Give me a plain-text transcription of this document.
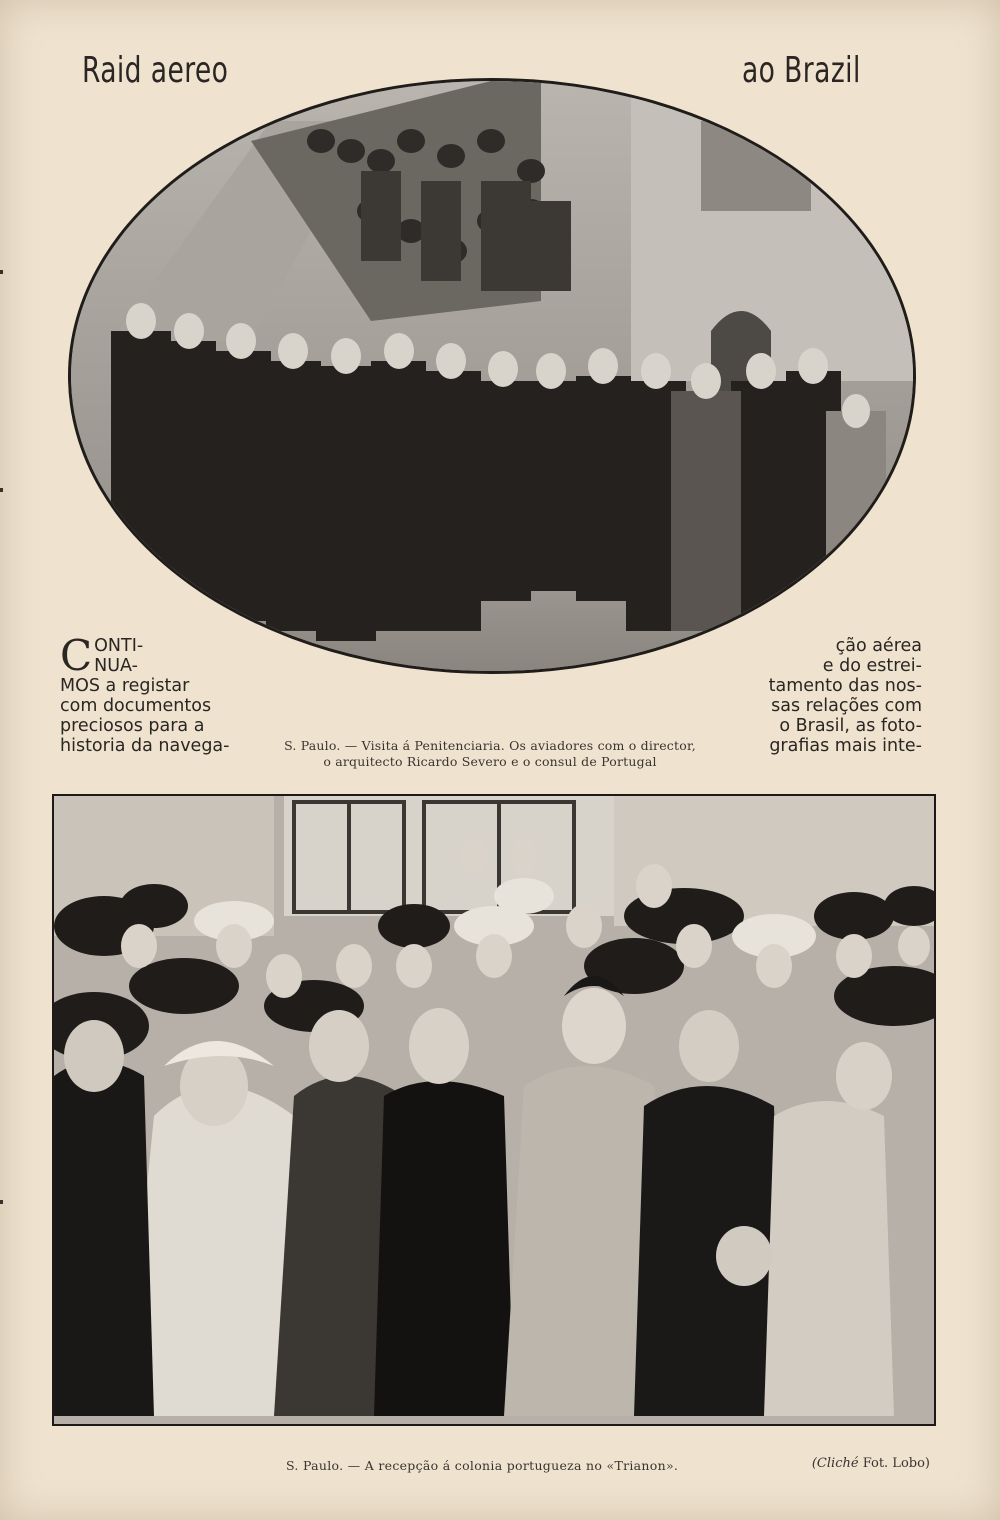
Raid aereo	ao Brazil
C ONTI-
NUA-
MOS a registar
com documentos
preciosos para a
historia da navega-
ção aérea
e do estrei-
tamento das nos-
sas relações com
o Brasil, as foto-
grafias mais inte-
S. Paulo. — Visita á Penitenciaria. Os aviadores com o director,
o arquitecto Ricardo Severo e o consul de Portugal
S. Paulo. — A recepção á colonia portugueza no «Trianon».	(Cliché Fot. Lobo)
